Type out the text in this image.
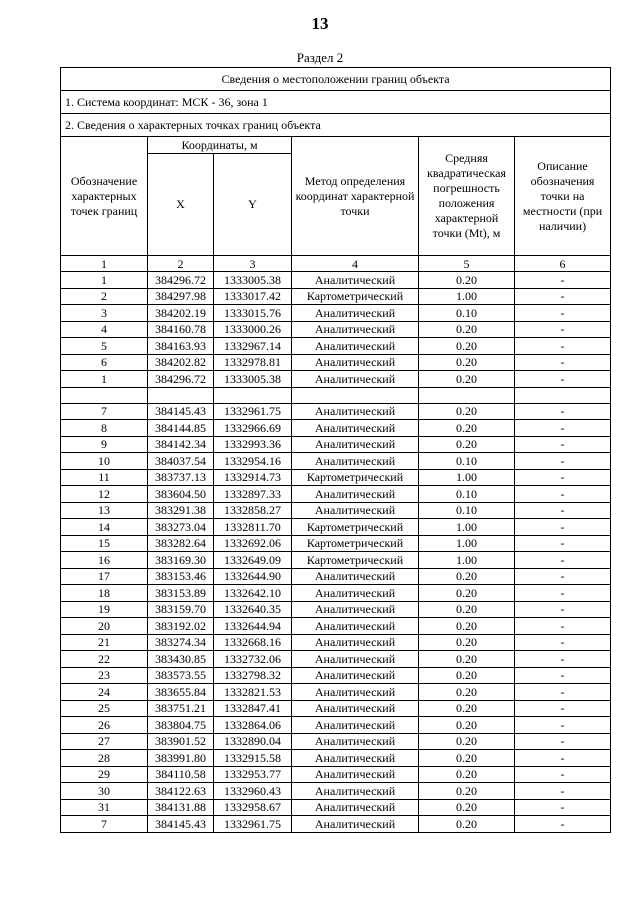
13
Раздел 2
Сведения о местоположении границ объекта					
1. Система координат: МСК - 36, зона 1					
2. Сведения о характерных точках границ объекта					
Обозначение характерных точек границ	Координаты, м		Метод определения координат характерной точки	Средняя квадратическая погрешность положения характерной точки (Mt), м	Описание обозначения точки на местности (при наличии)
	X	Y			
1	2	3	4	5	6
1	384296.72	1333005.38	Аналитический	0.20	-
2	384297.98	1333017.42	Картометрический	1.00	-
3	384202.19	1333015.76	Аналитический	0.10	-
4	384160.78	1333000.26	Аналитический	0.20	-
5	384163.93	1332967.14	Аналитический	0.20	-
6	384202.82	1332978.81	Аналитический	0.20	-
1	384296.72	1333005.38	Аналитический	0.20	-

7	384145.43	1332961.75	Аналитический	0.20	-
8	384144.85	1332966.69	Аналитический	0.20	-
9	384142.34	1332993.36	Аналитический	0.20	-
10	384037.54	1332954.16	Аналитический	0.10	-
11	383737.13	1332914.73	Картометрический	1.00	-
12	383604.50	1332897.33	Аналитический	0.10	-
13	383291.38	1332858.27	Аналитический	0.10	-
14	383273.04	1332811.70	Картометрический	1.00	-
15	383282.64	1332692.06	Картометрический	1.00	-
16	383169.30	1332649.09	Картометрический	1.00	-
17	383153.46	1332644.90	Аналитический	0.20	-
18	383153.89	1332642.10	Аналитический	0.20	-
19	383159.70	1332640.35	Аналитический	0.20	-
20	383192.02	1332644.94	Аналитический	0.20	-
21	383274.34	1332668.16	Аналитический	0.20	-
22	383430.85	1332732.06	Аналитический	0.20	-
23	383573.55	1332798.32	Аналитический	0.20	-
24	383655.84	1332821.53	Аналитический	0.20	-
25	383751.21	1332847.41	Аналитический	0.20	-
26	383804.75	1332864.06	Аналитический	0.20	-
27	383901.52	1332890.04	Аналитический	0.20	-
28	383991.80	1332915.58	Аналитический	0.20	-
29	384110.58	1332953.77	Аналитический	0.20	-
30	384122.63	1332960.43	Аналитический	0.20	-
31	384131.88	1332958.67	Аналитический	0.20	-
7	384145.43	1332961.75	Аналитический	0.20	-
